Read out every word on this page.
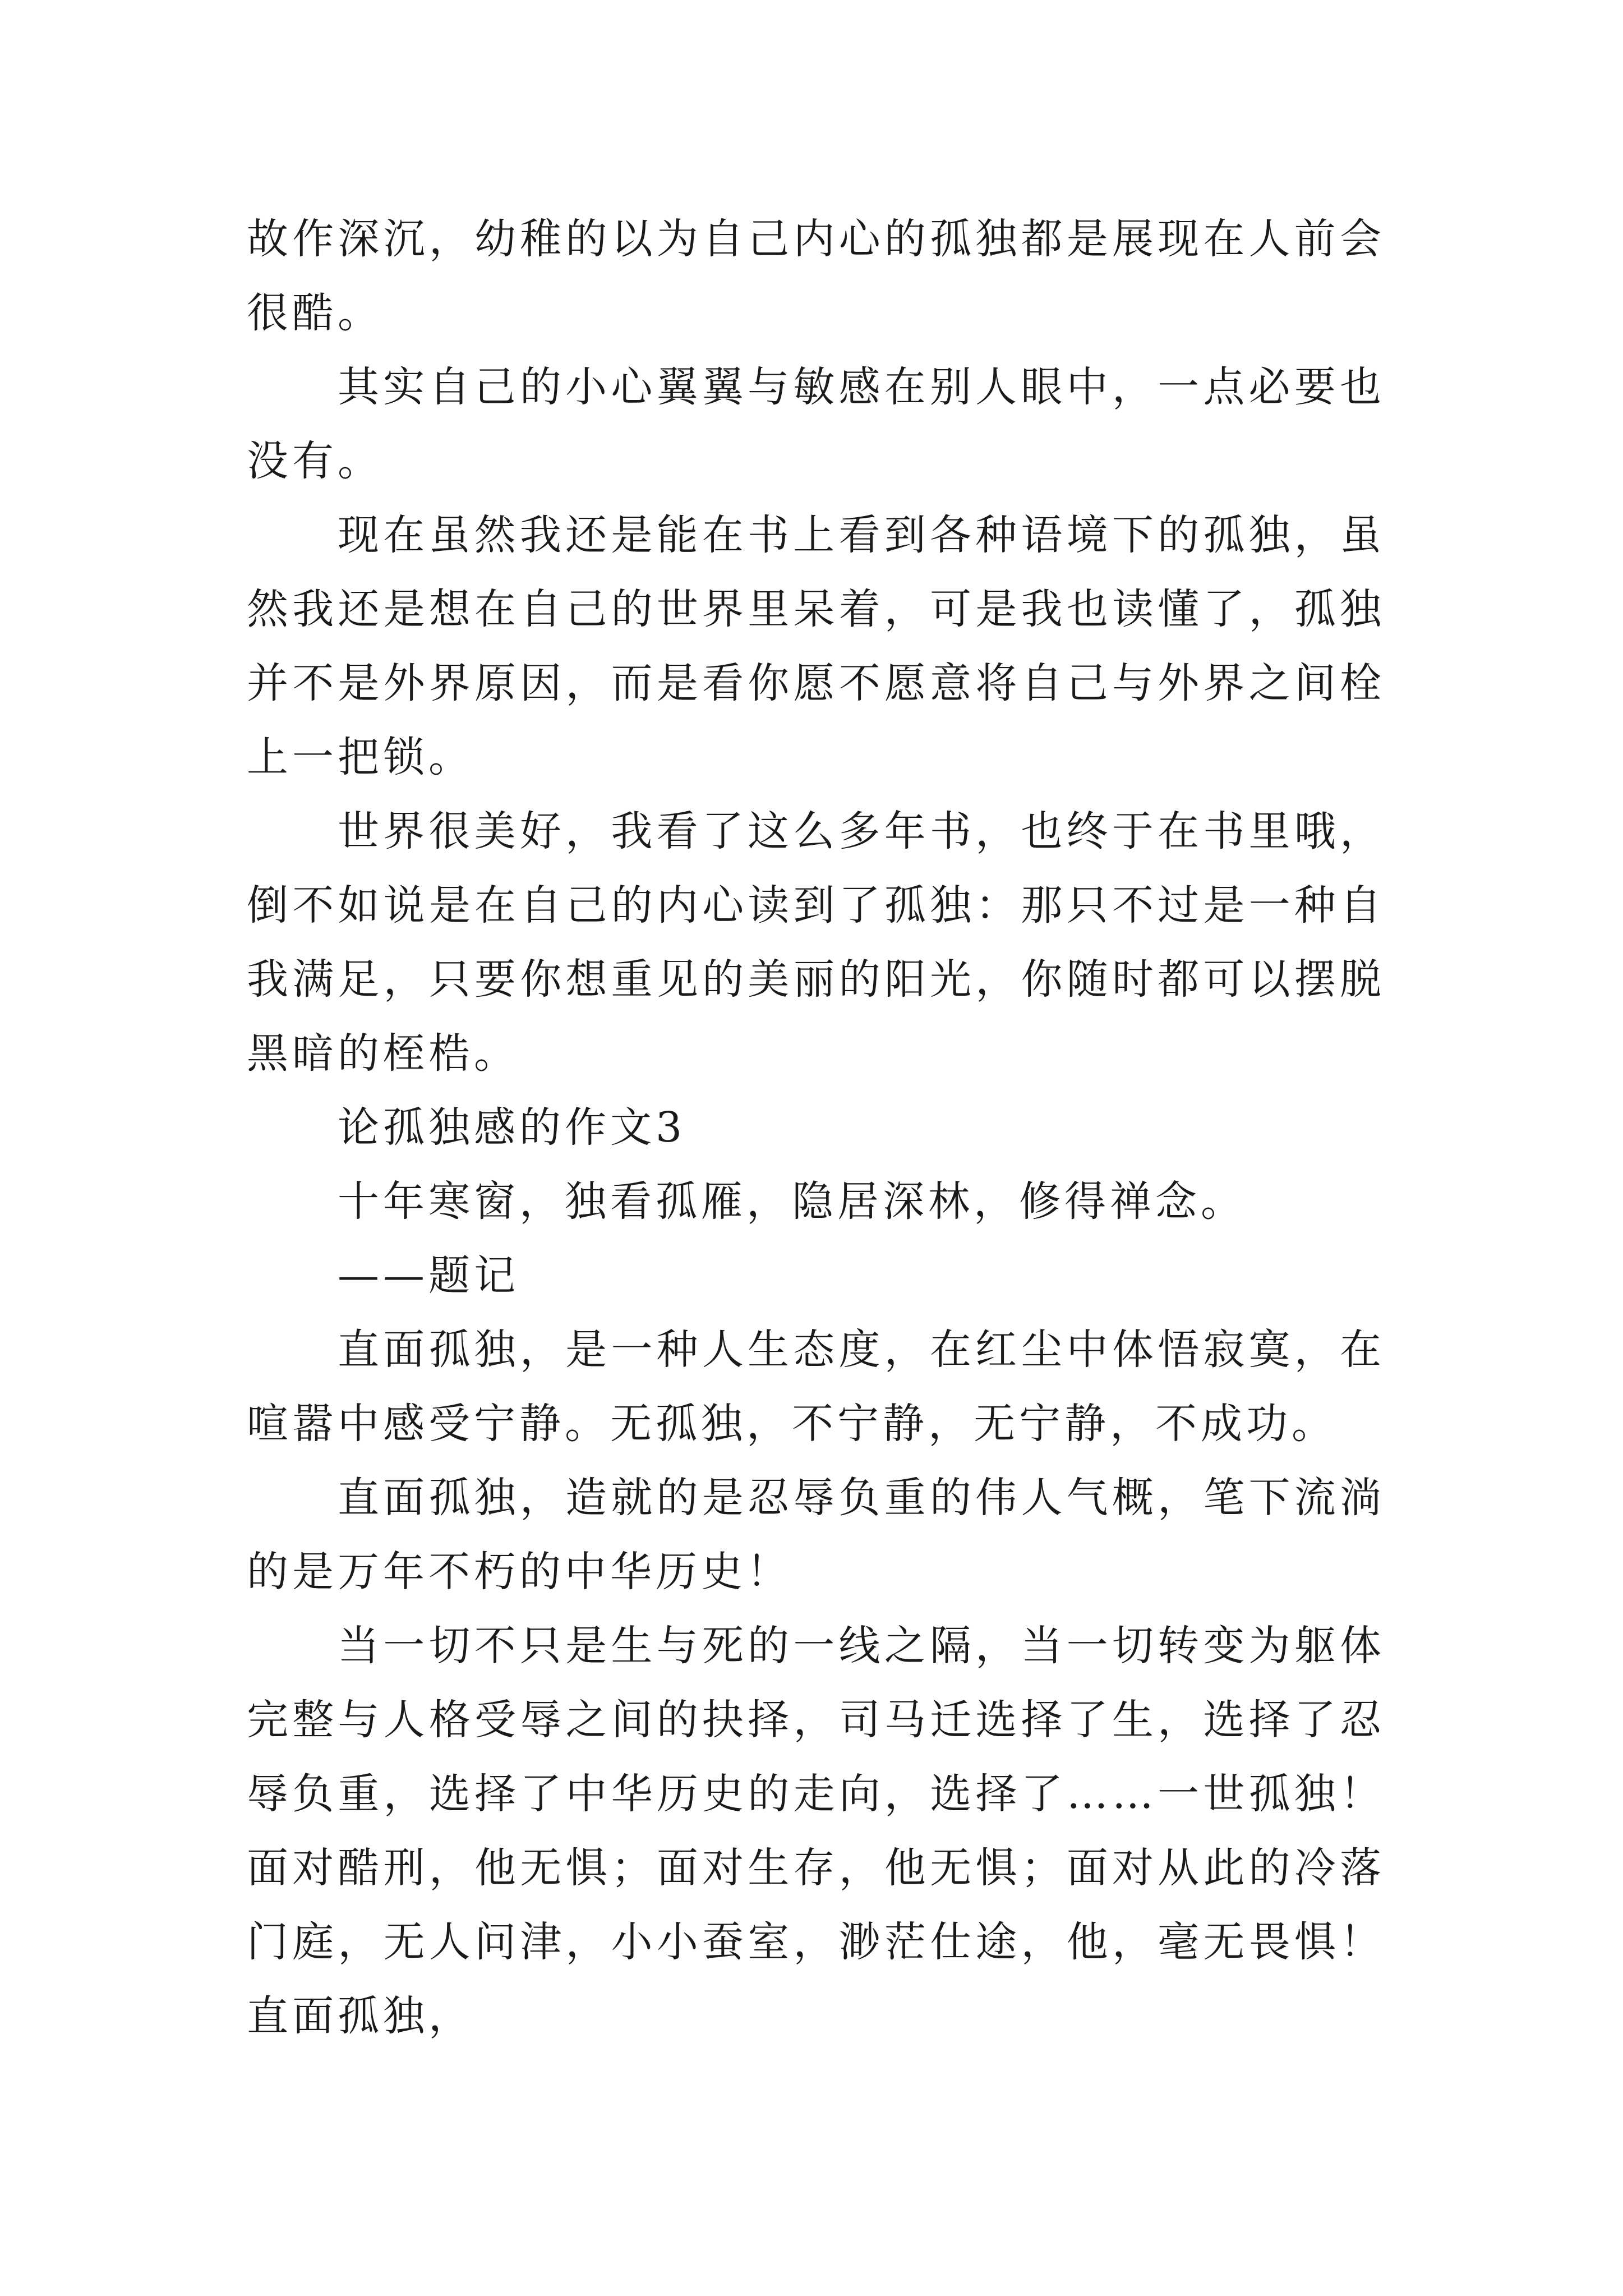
故作深沉，幼稚的以为自己内心的孤独都是展现在人前会很酷。

其实自己的小心翼翼与敏感在别人眼中，一点必要也没有。

现在虽然我还是能在书上看到各种语境下的孤独，虽然我还是想在自己的世界里呆着，可是我也读懂了，孤独并不是外界原因，而是看你愿不愿意将自己与外界之间栓上一把锁。

世界很美好，我看了这么多年书，也终于在书里哦，倒不如说是在自己的内心读到了孤独：那只不过是一种自我满足，只要你想重见的美丽的阳光，你随时都可以摆脱黑暗的桎梏。

论孤独感的作文3

十年寒窗，独看孤雁，隐居深林，修得禅念。

——题记

直面孤独，是一种人生态度，在红尘中体悟寂寞，在喧嚣中感受宁静。无孤独，不宁静，无宁静，不成功。

直面孤独，造就的是忍辱负重的伟人气概，笔下流淌的是万年不朽的中华历史！

当一切不只是生与死的一线之隔，当一切转变为躯体完整与人格受辱之间的抉择，司马迁选择了生，选择了忍辱负重，选择了中华历史的走向，选择了……一世孤独！面对酷刑，他无惧；面对生存，他无惧；面对从此的冷落门庭，无人问津，小小蚕室，渺茫仕途，他，毫无畏惧！直面孤独，
